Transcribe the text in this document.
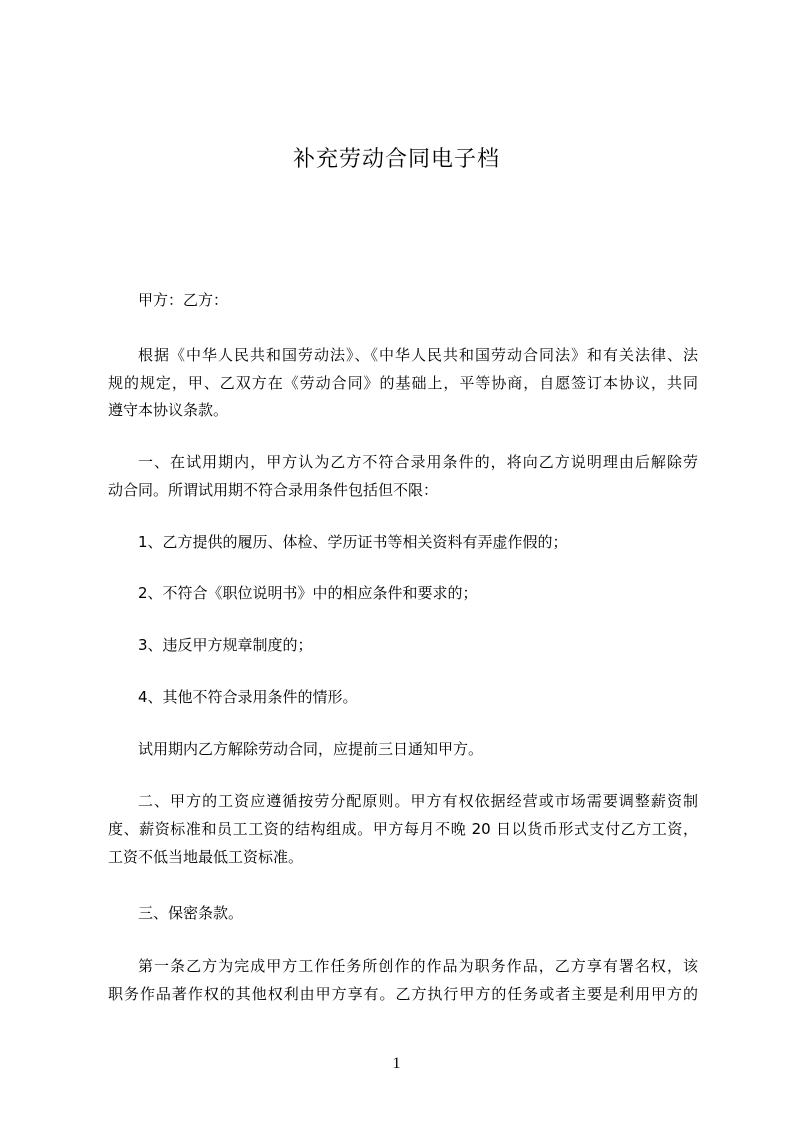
补充劳动合同电子档
甲方：乙方：
根据《中华人民共和国劳动法》、《中华人民共和国劳动合同法》和有关法律、法
规的规定，甲、乙双方在《劳动合同》的基础上，平等协商，自愿签订本协议，共同
遵守本协议条款。
一、在试用期内，甲方认为乙方不符合录用条件的，将向乙方说明理由后解除劳
动合同。所谓试用期不符合录用条件包括但不限：
1、乙方提供的履历、体检、学历证书等相关资料有弄虚作假的；
2、不符合《职位说明书》中的相应条件和要求的；
3、违反甲方规章制度的；
4、其他不符合录用条件的情形。
试用期内乙方解除劳动合同，应提前三日通知甲方。
二、甲方的工资应遵循按劳分配原则。甲方有权依据经营或市场需要调整薪资制
度、薪资标准和员工工资的结构组成。甲方每月不晚 20 日以货币形式支付乙方工资，
工资不低当地最低工资标准。
三、保密条款。
第一条乙方为完成甲方工作任务所创作的作品为职务作品，乙方享有署名权，该
职务作品著作权的其他权利由甲方享有。乙方执行甲方的任务或者主要是利用甲方的
1
